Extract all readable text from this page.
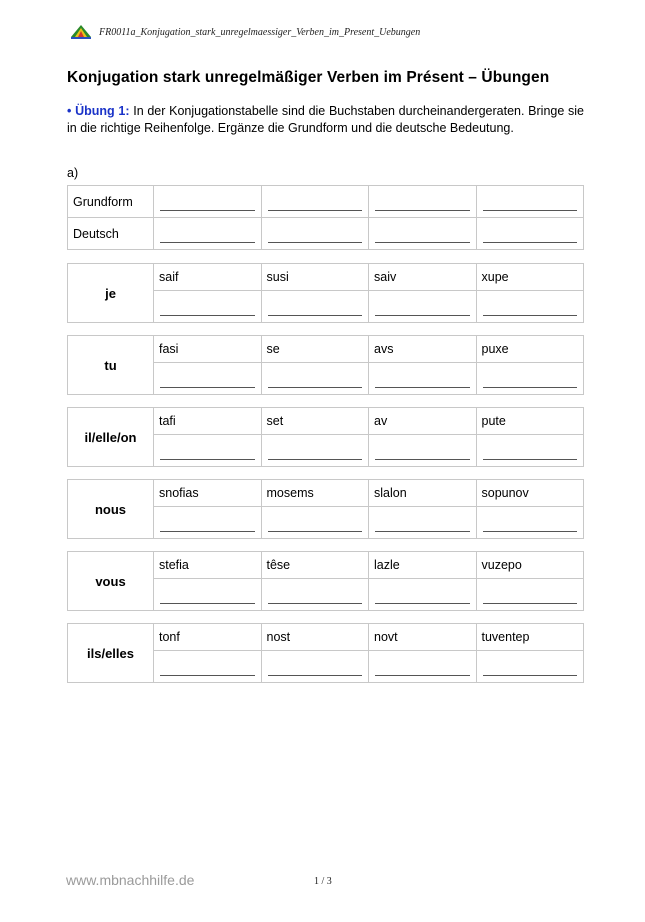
FR0011a_Konjugation_stark_unregelmaessiger_Verben_im_Present_Uebungen
Konjugation stark unregelmäßiger Verben im Présent – Übungen
• Übung 1: In der Konjugationstabelle sind die Buchstaben durcheinandergeraten. Bringe sie in die richtige Reihenfolge. Ergänze die Grundform und die deutsche Bedeutung.
a)
Grundform	

Deutsch	

je	saif	susi	saiv	xupe

tu	fasi	se	avs	puxe

il/elle/on	tafi	set	av	pute

nous	snofias	mosems	slalon	sopunov

vous	stefia	têse	lazle	vuzepo

ils/elles	tonf	nost	novt	tuventep

www.mbnachhilfe.de	1 / 3
